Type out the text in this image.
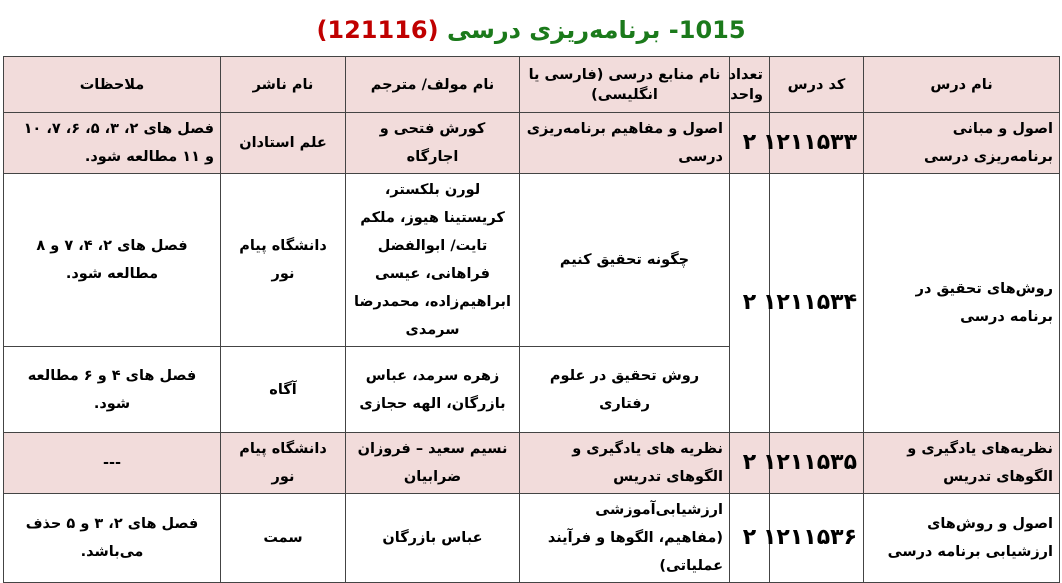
1015- برنامه‌ریزی درسی (121116)
نام درس	کد درس	تعداد واحد	نام منابع درسی (فارسی یا انگلیسی)	نام مولف/ مترجم	نام ناشر	ملاحظات
اصول و مبانی برنامه‌ریزی درسی	۱۲۱۱۵۳۳	۲	اصول و مفاهیم برنامه‌ریزی درسی	کورش فتحی و اجارگاه	علم استادان	فصل های ۲، ۳، ۵، ۶، ۷، ۱۰ و ۱۱ مطالعه شود.
روش‌های تحقیق در برنامه درسی	۱۲۱۱۵۳۴	۲	چگونه تحقیق کنیم	لورن بلکستر، کریستینا هیوز، ملکم تایت/ ابوالفضل فراهانی، عیسی ابراهیم‌زاده، محمدرضا سرمدی	دانشگاه پیام نور	فصل های ۲، ۴، ۷ و ۸ مطالعه شود.
			روش تحقیق در علوم رفتاری	زهره سرمد، عباس بازرگان، الهه حجازی	آگاه	فصل های ۴ و ۶ مطالعه شود.
نظریه‌های یادگیری و الگوهای تدریس	۱۲۱۱۵۳۵	۲	نظریه های یادگیری و الگوهای تدریس	نسیم سعید – فروزان ضرابیان	دانشگاه پیام نور	---
اصول و روش‌های ارزشیابی برنامه درسی	۱۲۱۱۵۳۶	۲	ارزشیابی‌آموزشی (مفاهیم، الگوها و فرآیند عملیاتی)	عباس بازرگان	سمت	فصل های ۲، ۳ و ۵ حذف می‌باشد.
